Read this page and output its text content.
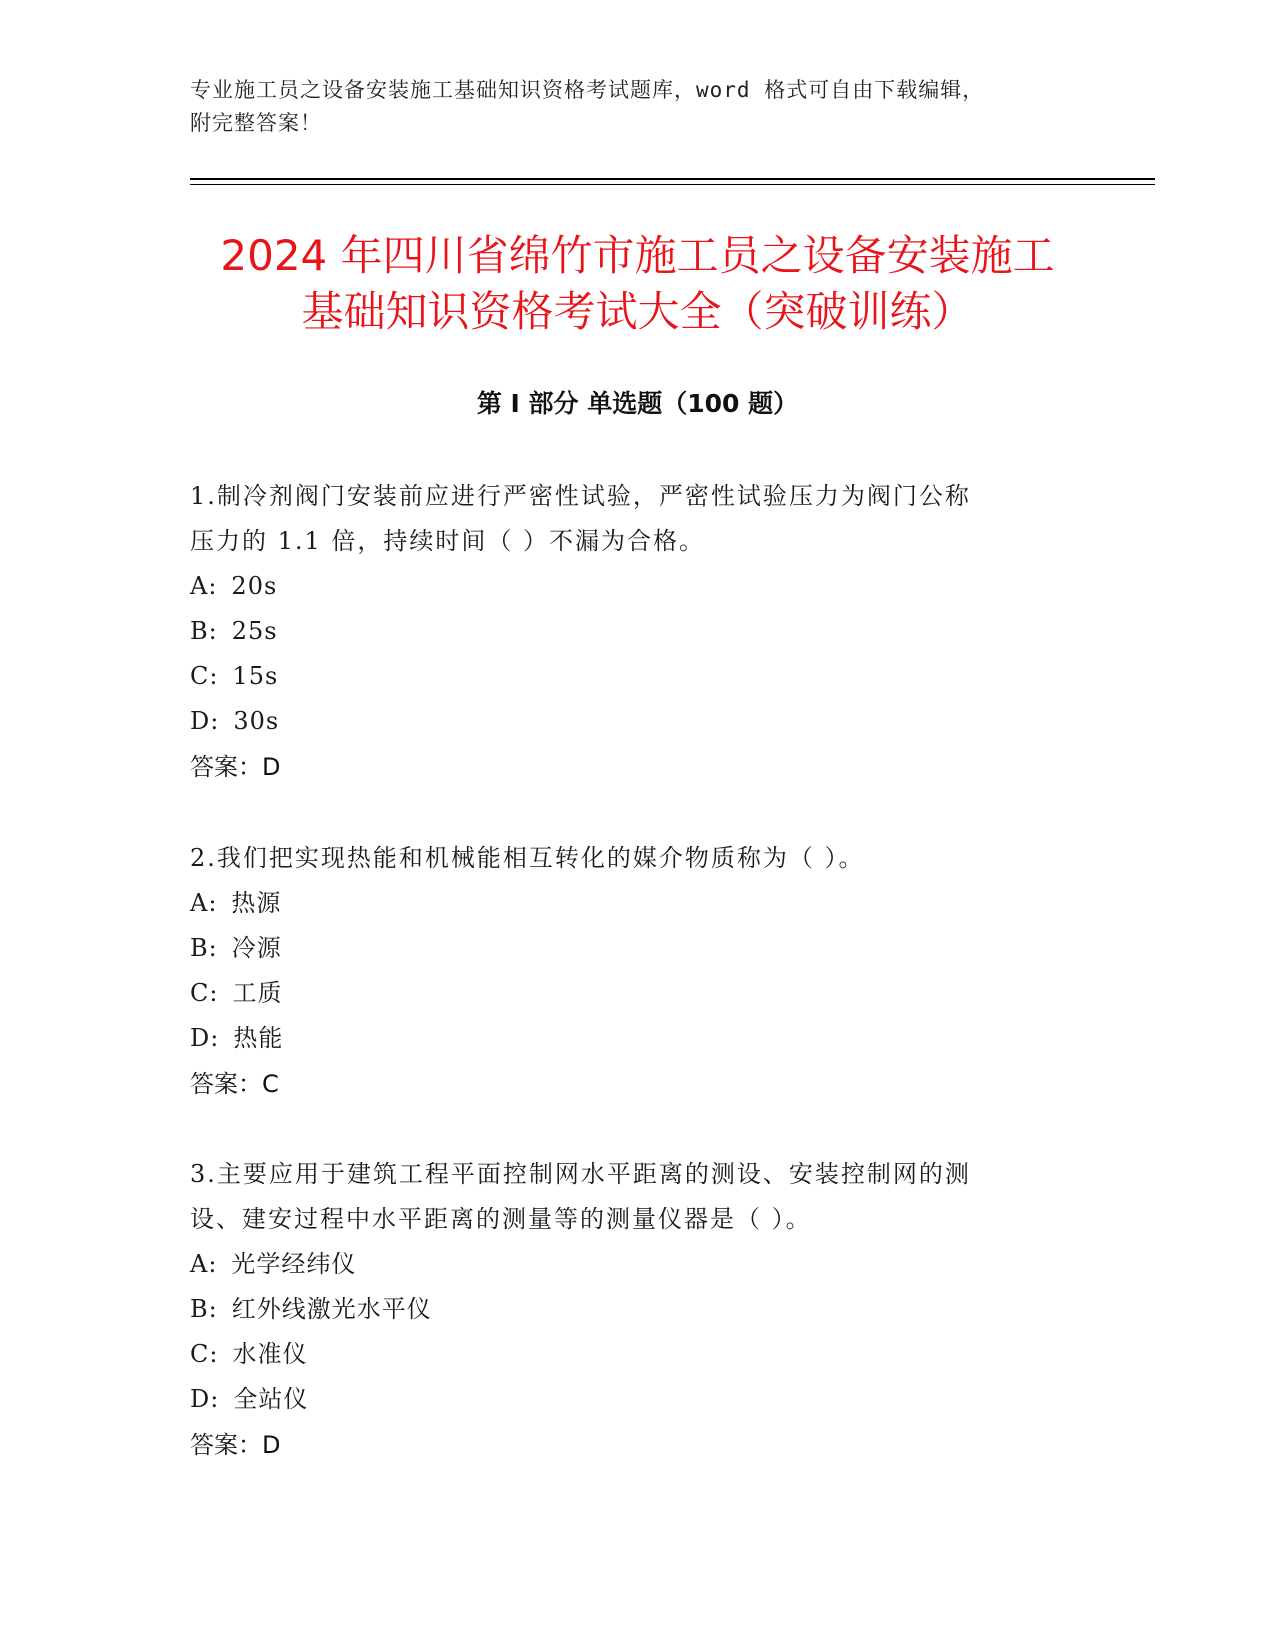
专业施工员之设备安装施工基础知识资格考试题库，word 格式可自由下载编辑，
附完整答案！
2024 年四川省绵竹市施工员之设备安装施工
基础知识资格考试大全（突破训练）
第 I 部分 单选题（100 题）
1.制冷剂阀门安装前应进行严密性试验，严密性试验压力为阀门公称
压力的 1.1 倍，持续时间（ ）不漏为合格。
A: 20s
B: 25s
C: 15s
D: 30s
答案：D
2.我们把实现热能和机械能相互转化的媒介物质称为（ ）。
A: 热源
B: 冷源
C: 工质
D: 热能
答案：C
3.主要应用于建筑工程平面控制网水平距离的测设、安装控制网的测
设、建安过程中水平距离的测量等的测量仪器是（ ）。
A: 光学经纬仪
B: 红外线激光水平仪
C: 水准仪
D: 全站仪
答案：D
